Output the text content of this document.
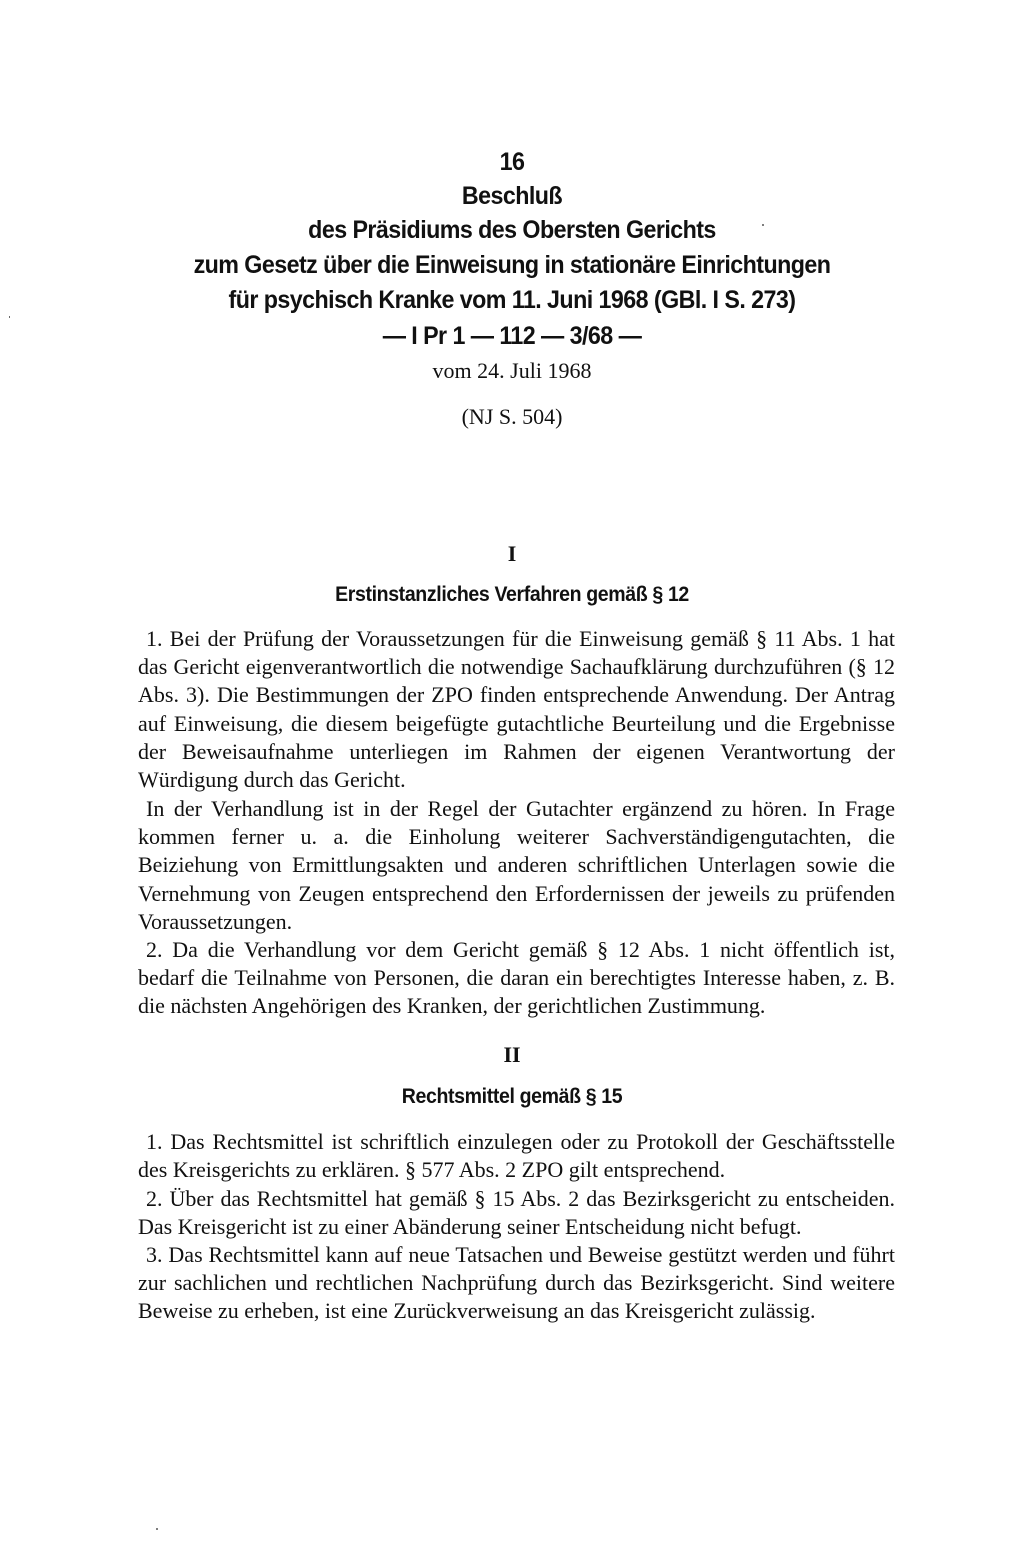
16
Beschluß
des Präsidiums des Obersten Gerichts
zum Gesetz über die Einweisung in stationäre Einrichtungen
für psychisch Kranke vom 11. Juni 1968 (GBl. I S. 273)
— I Pr 1 — 112 — 3/68 —
vom 24. Juli 1968
(NJ S. 504)
I
Erstinstanzliches Verfahren gemäß § 12

1. Bei der Prüfung der Voraussetzungen für die Einweisung gemäß § 11 Abs. 1 hat das Gericht eigenverantwortlich die notwendige Sachaufklärung durchzuführen (§ 12 Abs. 3). Die Bestimmungen der ZPO finden entsprechende Anwendung. Der Antrag auf Einweisung, die diesem beigefügte gutachtliche Beurteilung und die Ergebnisse der Beweisaufnahme unterliegen im Rahmen der eigenen Verantwortung der Würdigung durch das Gericht.

In der Verhandlung ist in der Regel der Gutachter ergänzend zu hören. In Frage kommen ferner u. a. die Einholung weiterer Sachverständigengutachten, die Beiziehung von Ermittlungsakten und anderen schriftlichen Unterlagen sowie die Vernehmung von Zeugen entsprechend den Erfordernissen der jeweils zu prüfenden Voraussetzungen.

2. Da die Verhandlung vor dem Gericht gemäß § 12 Abs. 1 nicht öffentlich ist, bedarf die Teilnahme von Personen, die daran ein berechtigtes Interesse haben, z. B. die nächsten Angehörigen des Kranken, der gerichtlichen Zustimmung.

II
Rechtsmittel gemäß § 15

1. Das Rechtsmittel ist schriftlich einzulegen oder zu Protokoll der Geschäftsstelle des Kreisgerichts zu erklären. § 577 Abs. 2 ZPO gilt entsprechend.

2. Über das Rechtsmittel hat gemäß § 15 Abs. 2 das Bezirksgericht zu entscheiden. Das Kreisgericht ist zu einer Abänderung seiner Entscheidung nicht befugt.

3. Das Rechtsmittel kann auf neue Tatsachen und Beweise gestützt werden und führt zur sachlichen und rechtlichen Nachprüfung durch das Bezirksgericht. Sind weitere Beweise zu erheben, ist eine Zurückverweisung an das Kreisgericht zulässig.
